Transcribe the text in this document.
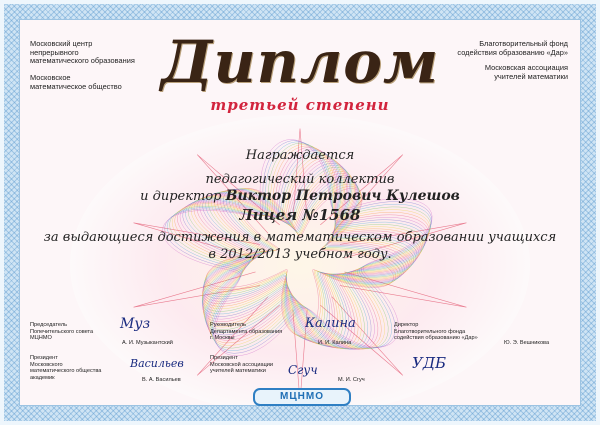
Московский центр
непрерывного
математического образования
Московское
математическое общество
Благотворительный фонд
содействия образованию «Дар»
Московская ассоциация
учителей математики
Диплом
третьей степени
Награждается
педагогический коллектив
и директор Виктор Петрович Кулешов
Лицея №1568
за выдающиеся достижения в математическом образовании учащихся
в 2012/2013 учебном году.
Председатель
Попечительского совета
МЦНМО
Муз
А. И. Музыкантский
Руководитель
Департамента образования
г. Москвы
Калина
И. И. Калина
Директор
Благотворительного фонда
содействия образованию «Дар»
Ю. Э. Вешникова
Президент
Московского
математического общества
академик
Васильев
В. А. Васильев
Президент
Московской ассоциации
учителей математики	Сгуч
М. И. Сгуч
УДБ
МЦНМО
